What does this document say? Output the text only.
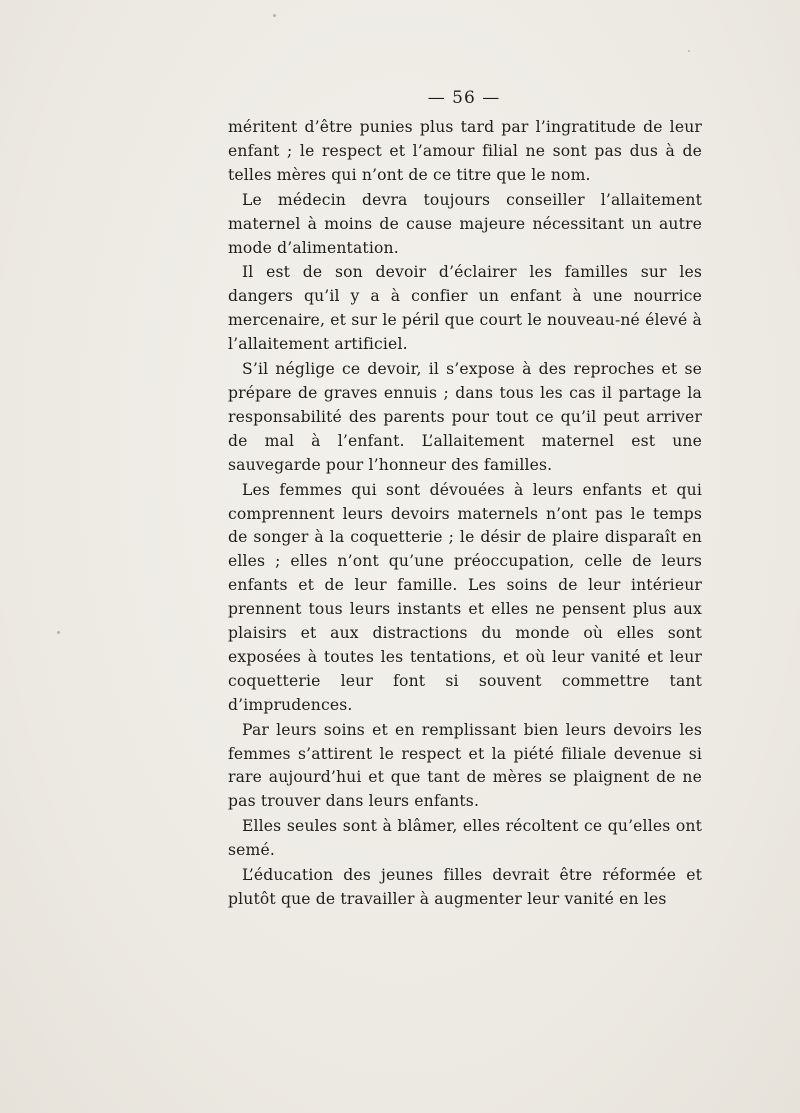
— 56 —

méritent d’être punies plus tard par l’ingratitude de leur enfant ; le respect et l’amour filial ne sont pas dus à de telles mères qui n’ont de ce titre que le nom.

Le médecin devra toujours conseiller l’allaitement maternel à moins de cause majeure nécessitant un autre mode d’alimentation.

Il est de son devoir d’éclairer les familles sur les dangers qu’il y a à confier un enfant à une nourrice mercenaire, et sur le péril que court le nouveau-né élevé à l’allaitement artificiel.

S’il néglige ce devoir, il s’expose à des reproches et se prépare de graves ennuis ; dans tous les cas il partage la responsabilité des parents pour tout ce qu’il peut arriver de mal à l’enfant. L’allaitement maternel est une sauvegarde pour l’honneur des familles.

Les femmes qui sont dévouées à leurs enfants et qui comprennent leurs devoirs maternels n’ont pas le temps de songer à la coquetterie ; le désir de plaire disparaît en elles ; elles n’ont qu’une préoccupation, celle de leurs enfants et de leur famille. Les soins de leur intérieur prennent tous leurs instants et elles ne pensent plus aux plaisirs et aux distractions du monde où elles sont exposées à toutes les tentations, et où leur vanité et leur coquetterie leur font si souvent commettre tant d’imprudences.

Par leurs soins et en remplissant bien leurs devoirs les femmes s’attirent le respect et la piété filiale devenue si rare aujourd’hui et que tant de mères se plaignent de ne pas trouver dans leurs enfants.

Elles seules sont à blâmer, elles récoltent ce qu’elles ont semé.

L’éducation des jeunes filles devrait être réformée et plutôt que de travailler à augmenter leur vanité en les
